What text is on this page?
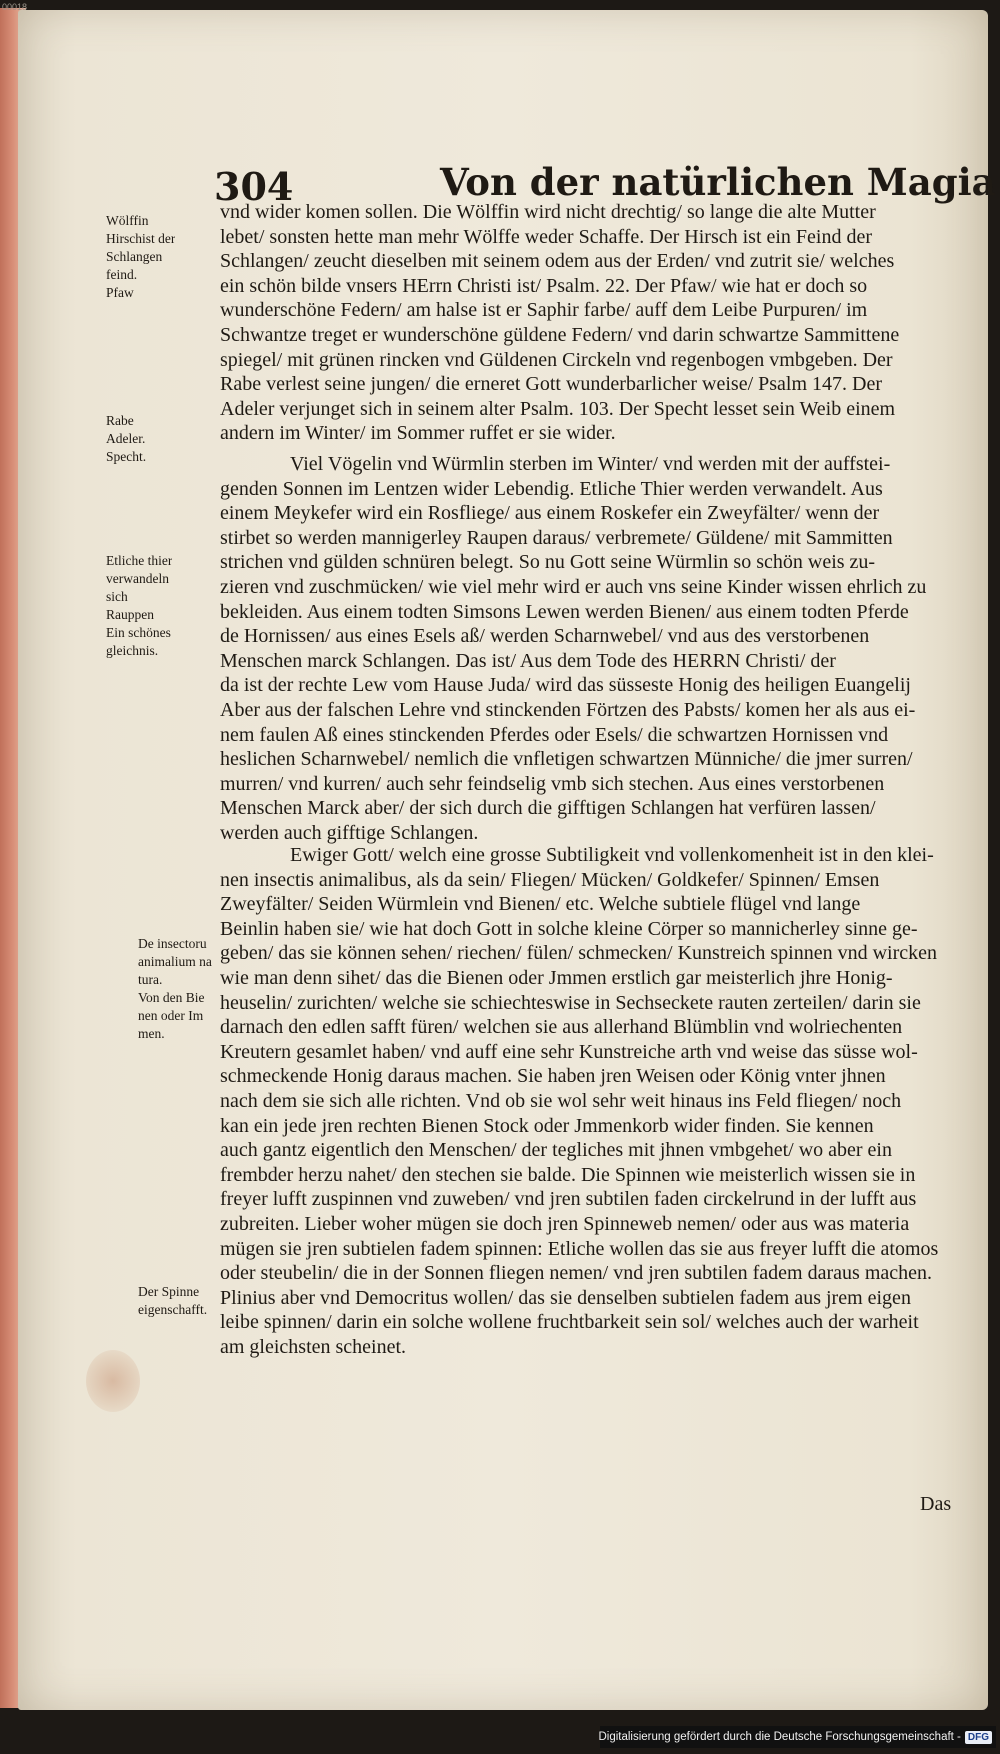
00018
304	Von der natürlichen Magia
vnd wider komen sollen. Die Wölffin wird nicht drechtig/ so lange die alte Mutter
lebet/ sonsten hette man mehr Wölffe weder Schaffe. Der Hirsch ist ein Feind der
Schlangen/ zeucht dieselben mit seinem odem aus der Erden/ vnd zutrit sie/ welches
ein schön bilde vnsers HErrn Christi ist/ Psalm. 22. Der Pfaw/ wie hat er doch so
wunderschöne Federn/ am halse ist er Saphir farbe/ auff dem Leibe Purpuren/ im
Schwantze treget er wunderschöne güldene Federn/ vnd darin schwartze Sammittene
spiegel/ mit grünen rincken vnd Güldenen Circkeln vnd regenbogen vmbgeben. Der
Rabe verlest seine jungen/ die erneret Gott wunderbarlicher weise/ Psalm 147. Der
Adeler verjunget sich in seinem alter Psalm. 103. Der Specht lesset sein Weib einem
andern im Winter/ im Sommer ruffet er sie wider.
Viel Vögelin vnd Würmlin sterben im Winter/ vnd werden mit der auffstei-
genden Sonnen im Lentzen wider Lebendig. Etliche Thier werden verwandelt. Aus
einem Meykefer wird ein Rosfliege/ aus einem Roskefer ein Zweyfälter/ wenn der
stirbet so werden mannigerley Raupen daraus/ verbremete/ Güldene/ mit Sammitten
strichen vnd gülden schnüren belegt. So nu Gott seine Würmlin so schön weis zu-
zieren vnd zuschmücken/ wie viel mehr wird er auch vns seine Kinder wissen ehrlich zu
bekleiden. Aus einem todten Simsons Lewen werden Bienen/ aus einem todten Pferde
de Hornissen/ aus eines Esels aß/ werden Scharnwebel/ vnd aus des verstorbenen
Menschen marck Schlangen. Das ist/ Aus dem Tode des HERRN Christi/ der
da ist der rechte Lew vom Hause Juda/ wird das süsseste Honig des heiligen Euangelij
Aber aus der falschen Lehre vnd stinckenden Förtzen des Pabsts/ komen her als aus ei-
nem faulen Aß eines stinckenden Pferdes oder Esels/ die schwartzen Hornissen vnd
heslichen Scharnwebel/ nemlich die vnfletigen schwartzen Münniche/ die jmer surren/
murren/ vnd kurren/ auch sehr feindselig vmb sich stechen. Aus eines verstorbenen
Menschen Marck aber/ der sich durch die gifftigen Schlangen hat verfüren lassen/
werden auch gifftige Schlangen.
Ewiger Gott/ welch eine grosse Subtiligkeit vnd vollenkomenheit ist in den klei-
nen insectis animalibus, als da sein/ Fliegen/ Mücken/ Goldkefer/ Spinnen/ Emsen
Zweyfälter/ Seiden Würmlein vnd Bienen/ etc. Welche subtiele flügel vnd lange
Beinlin haben sie/ wie hat doch Gott in solche kleine Cörper so mannicherley sinne ge-
geben/ das sie können sehen/ riechen/ fülen/ schmecken/ Kunstreich spinnen vnd wircken
wie man denn sihet/ das die Bienen oder Jmmen erstlich gar meisterlich jhre Honig-
heuselin/ zurichten/ welche sie schiechteswise in Sechseckete rauten zerteilen/ darin sie
darnach den edlen safft füren/ welchen sie aus allerhand Blümblin vnd wolriechenten
Kreutern gesamlet haben/ vnd auff eine sehr Kunstreiche arth vnd weise das süsse wol-
schmeckende Honig daraus machen. Sie haben jren Weisen oder König vnter jhnen
nach dem sie sich alle richten. Vnd ob sie wol sehr weit hinaus ins Feld fliegen/ noch
kan ein jede jren rechten Bienen Stock oder Jmmenkorb wider finden. Sie kennen
auch gantz eigentlich den Menschen/ der tegliches mit jhnen vmbgehet/ wo aber ein
frembder herzu nahet/ den stechen sie balde. Die Spinnen wie meisterlich wissen sie in
freyer lufft zuspinnen vnd zuweben/ vnd jren subtilen faden circkelrund in der lufft aus
zubreiten. Lieber woher mügen sie doch jren Spinneweb nemen/ oder aus was materia
mügen sie jren subtielen fadem spinnen: Etliche wollen das sie aus freyer lufft die atomos
oder steubelin/ die in der Sonnen fliegen nemen/ vnd jren subtilen fadem daraus machen.
Plinius aber vnd Democritus wollen/ das sie denselben subtielen fadem aus jrem eigen
leibe spinnen/ darin ein solche wollene fruchtbarkeit sein sol/ welches auch der warheit
am gleichsten scheinet.
Wölffin
Hirschist der
Schlangen
feind.
Pfaw
Rabe
Adeler.
Specht.
Etliche thier
verwandeln
sich
Rauppen
Ein schönes
gleichnis.
De insectoru
animalium na
tura.
Von den Bie
nen oder Im
men.
Der Spinne
eigenschafft.
Das
Digitalisierung gefördert durch die Deutsche Forschungsgemeinschaft - DFG
